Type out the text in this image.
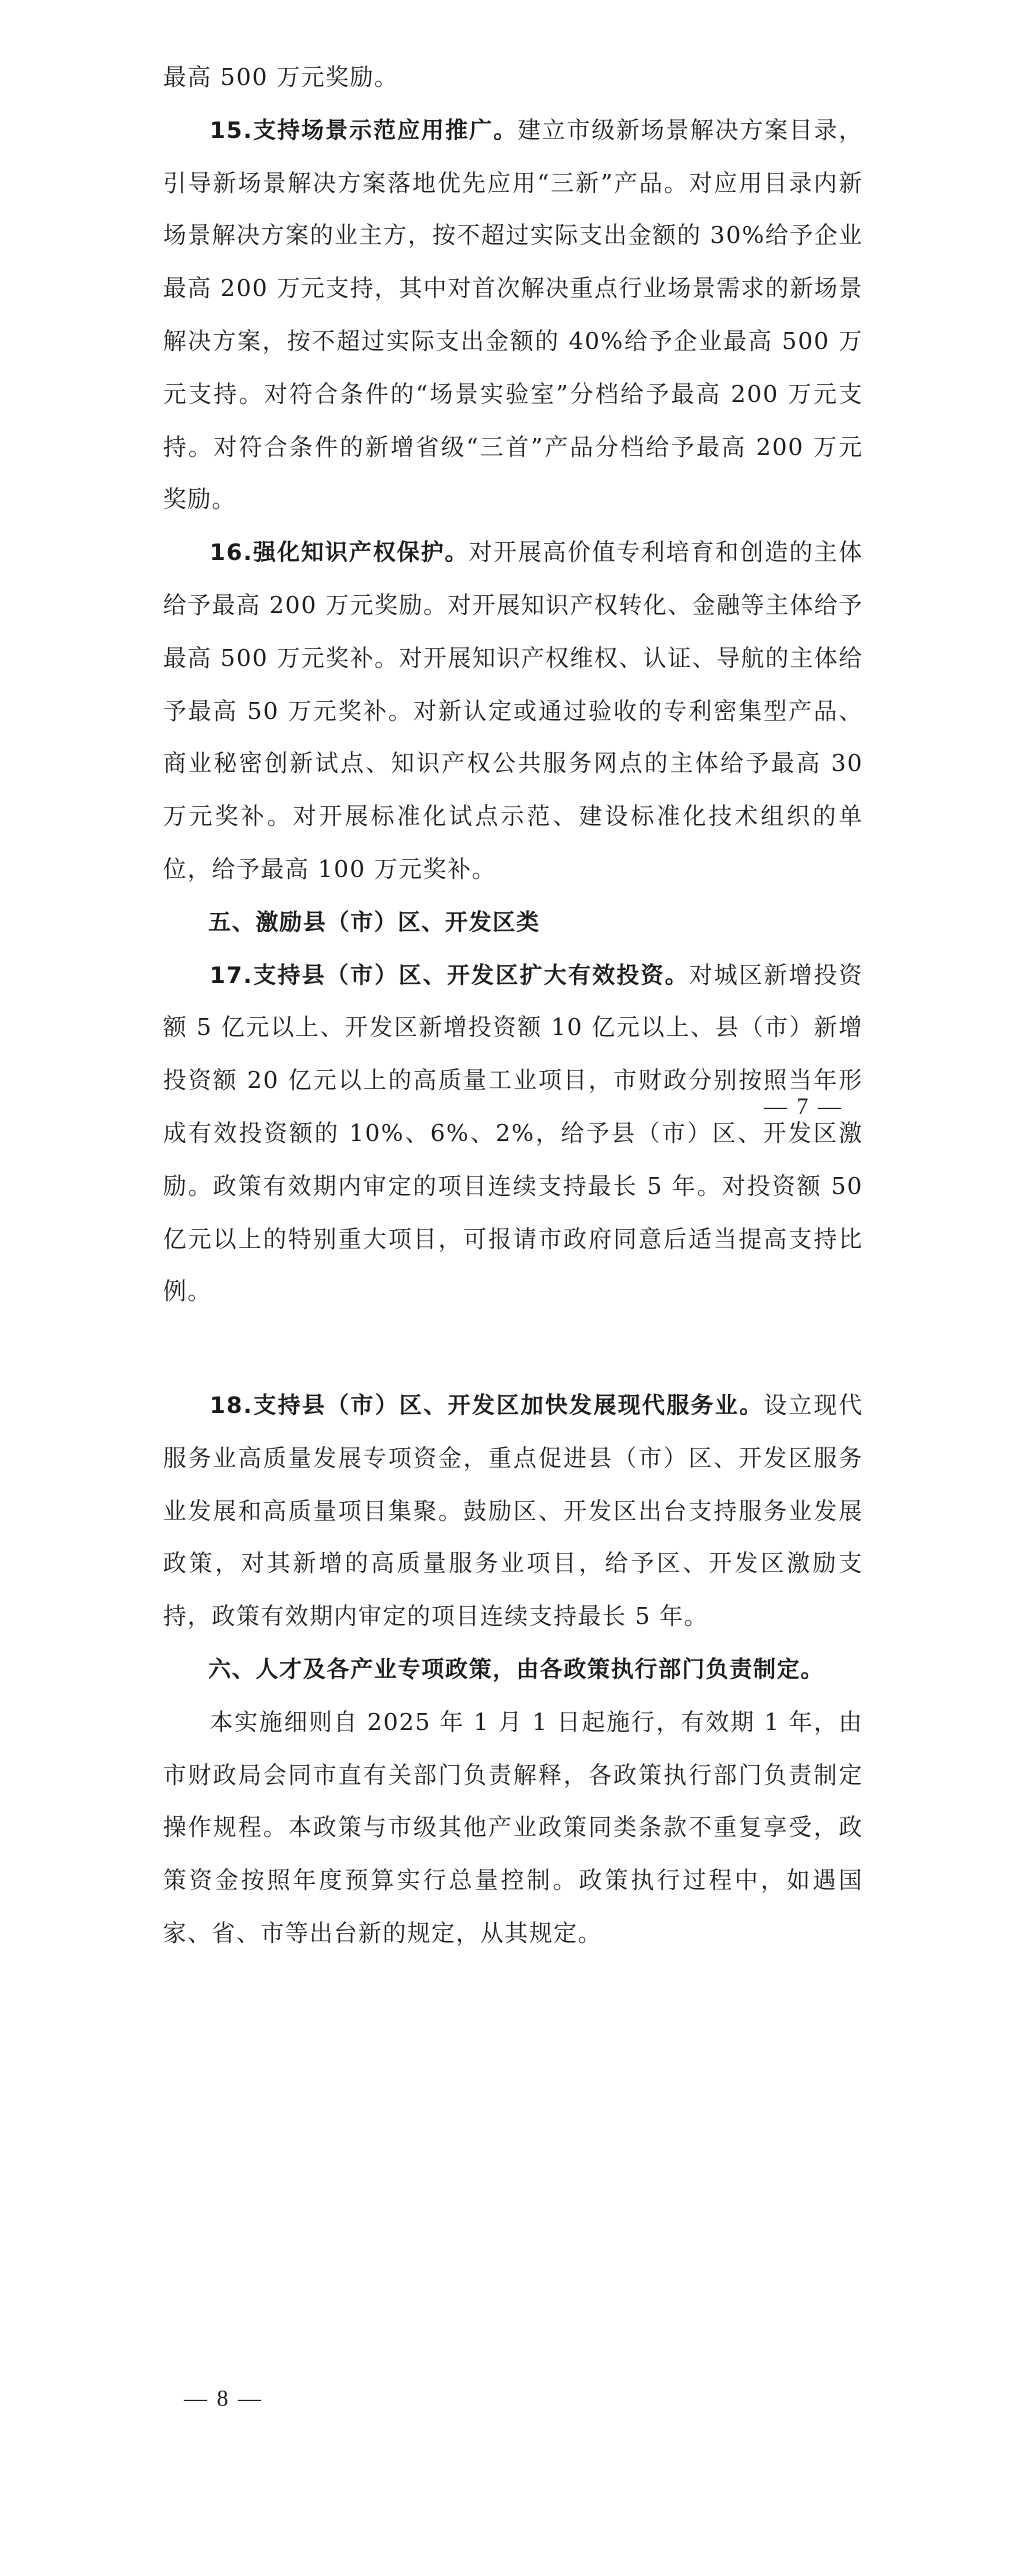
最高 500 万元奖励。

15.支持场景示范应用推广。建立市级新场景解决方案目录，引导新场景解决方案落地优先应用“三新”产品。对应用目录内新场景解决方案的业主方，按不超过实际支出金额的 30%给予企业最高 200 万元支持，其中对首次解决重点行业场景需求的新场景解决方案，按不超过实际支出金额的 40%给予企业最高 500 万元支持。对符合条件的“场景实验室”分档给予最高 200 万元支持。对符合条件的新增省级“三首”产品分档给予最高 200 万元奖励。

16.强化知识产权保护。对开展高价值专利培育和创造的主体给予最高 200 万元奖励。对开展知识产权转化、金融等主体给予最高 500 万元奖补。对开展知识产权维权、认证、导航的主体给予最高 50 万元奖补。对新认定或通过验收的专利密集型产品、商业秘密创新试点、知识产权公共服务网点的主体给予最高 30 万元奖补。对开展标准化试点示范、建设标准化技术组织的单位，给予最高 100 万元奖补。

五、激励县（市）区、开发区类

17.支持县（市）区、开发区扩大有效投资。对城区新增投资额 5 亿元以上、开发区新增投资额 10 亿元以上、县（市）新增投资额 20 亿元以上的高质量工业项目，市财政分别按照当年形成有效投资额的 10%、6%、2%，给予县（市）区、开发区激励。政策有效期内审定的项目连续支持最长 5 年。对投资额 50 亿元以上的特别重大项目，可报请市政府同意后适当提高支持比例。

— 7 —

18.支持县（市）区、开发区加快发展现代服务业。设立现代服务业高质量发展专项资金，重点促进县（市）区、开发区服务业发展和高质量项目集聚。鼓励区、开发区出台支持服务业发展政策，对其新增的高质量服务业项目，给予区、开发区激励支持，政策有效期内审定的项目连续支持最长 5 年。

六、人才及各产业专项政策，由各政策执行部门负责制定。

本实施细则自 2025 年 1 月 1 日起施行，有效期 1 年，由市财政局会同市直有关部门负责解释，各政策执行部门负责制定操作规程。本政策与市级其他产业政策同类条款不重复享受，政策资金按照年度预算实行总量控制。政策执行过程中，如遇国家、省、市等出台新的规定，从其规定。

— 8 —
